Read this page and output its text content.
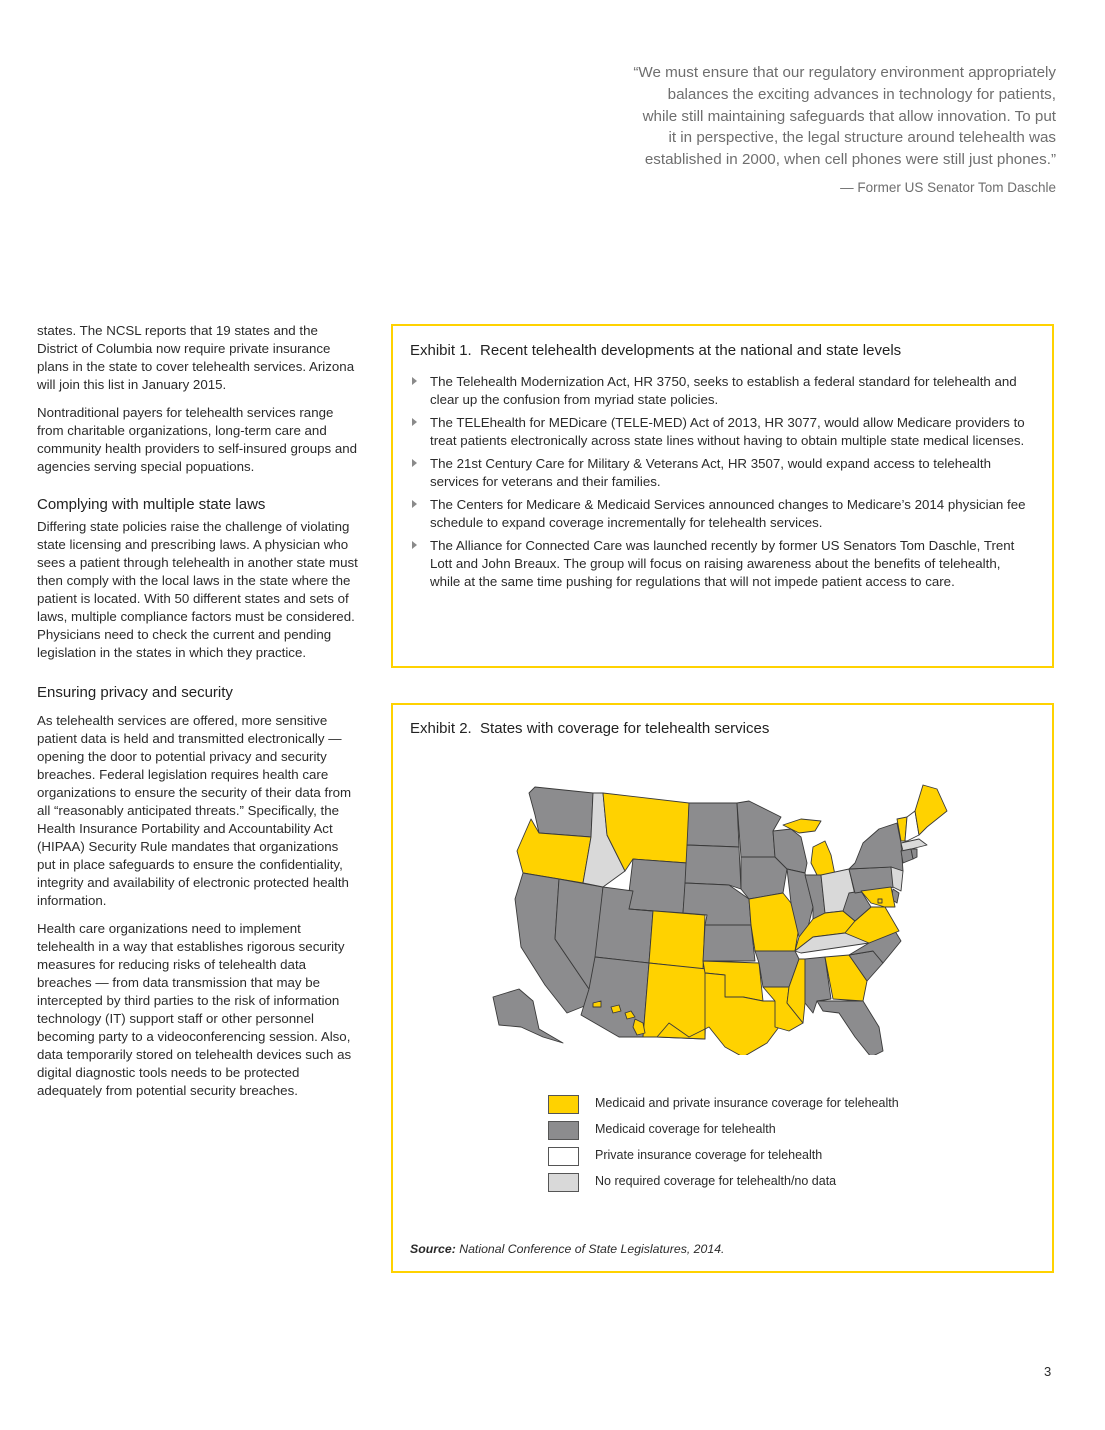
“We must ensure that our regulatory environment appropriately
balances the exciting advances in technology for patients,
while still maintaining safeguards that allow innovation. To put
it in perspective, the legal structure around telehealth was
established in 2000, when cell phones were still just phones.”
— Former US Senator Tom Daschle

states. The NCSL reports that 19 states and the District of Columbia now require private insurance plans in the state to cover telehealth services. Arizona will join this list in January 2015.

Nontraditional payers for telehealth services range from charitable organizations, long-term care and community health providers to self-insured groups and agencies serving special popuations.

Complying with multiple state laws

Differing state policies raise the challenge of violating state licensing and prescribing laws. A physician who sees a patient through telehealth in another state must then comply with the local laws in the state where the patient is located. With 50 different states and sets of laws, multiple compliance factors must be considered. Physicians need to check the current and pending legislation in the states in which they practice.

Ensuring privacy and security

As telehealth services are offered, more sensitive patient data is held and transmitted electronically — opening the door to potential privacy and security breaches. Federal legislation requires health care organizations to ensure the security of their data from all “reasonably anticipated threats.” Specifically, the Health Insurance Portability and Accountability Act (HIPAA) Security Rule mandates that organizations put in place safeguards to ensure the confidentiality, integrity and availability of electronic protected health information.

Health care organizations need to implement telehealth in a way that establishes rigorous security measures for reducing risks of telehealth data breaches — from data transmission that may be intercepted by third parties to the risk of information technology (IT) support staff or other personnel becoming party to a videoconferencing session. Also, data temporarily stored on telehealth devices such as digital diagnostic tools needs to be protected adequately from potential security breaches.

Exhibit 1.  Recent telehealth developments at the national and state levels
The Telehealth Modernization Act, HR 3750, seeks to establish a federal standard for telehealth and clear up the confusion from myriad state policies.
The TELEhealth for MEDicare (TELE-MED) Act of 2013, HR 3077, would allow Medicare providers to treat patients electronically across state lines without having to obtain multiple state medical licenses.
The 21st Century Care for Military & Veterans Act, HR 3507, would expand access to telehealth services for veterans and their families.
The Centers for Medicare & Medicaid Services announced changes to Medicare’s 2014 physician fee schedule to expand coverage incrementally for telehealth services.
The Alliance for Connected Care was launched recently by former US Senators Tom Daschle, Trent Lott and John Breaux. The group will focus on raising awareness about the benefits of telehealth, while at the same time pushing for regulations that will not impede patient access to care.
Exhibit 2.  States with coverage for telehealth services
Medicaid and private insurance coverage for telehealth
Medicaid coverage for telehealth
Private insurance coverage for telehealth
No required coverage for telehealth/no data
Source: National Conference of State Legislatures, 2014.
3
